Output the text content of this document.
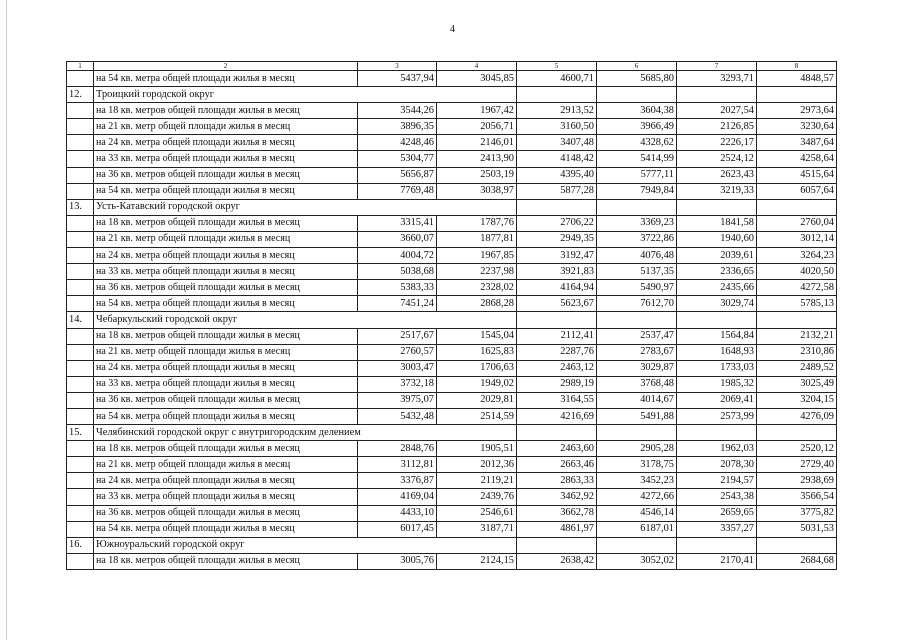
4
1	2	3	4	5	6	7	8
	на 54 кв. метра общей площади жилья в месяц	5437,94	3045,85	4600,71	5685,80	3293,71	4848,57
12.	Троицкий городской округ						
	на 18 кв. метров общей площади жилья в месяц	3544,26	1967,42	2913,52	3604,38	2027,54	2973,64
	на 21 кв. метр общей площади жилья в месяц	3896,35	2056,71	3160,50	3966,49	2126,85	3230,64
	на 24 кв. метра общей площади жилья в месяц	4248,46	2146,01	3407,48	4328,62	2226,17	3487,64
	на 33 кв. метра общей площади жилья в месяц	5304,77	2413,90	4148,42	5414,99	2524,12	4258,64
	на 36 кв. метров общей площади жилья в месяц	5656,87	2503,19	4395,40	5777,11	2623,43	4515,64
	на 54 кв. метра общей площади жилья в месяц	7769,48	3038,97	5877,28	7949,84	3219,33	6057,64
13.	Усть-Катавский городской округ						
	на 18 кв. метров общей площади жилья в месяц	3315,41	1787,76	2706,22	3369,23	1841,58	2760,04
	на 21 кв. метр общей площади жилья в месяц	3660,07	1877,81	2949,35	3722,86	1940,60	3012,14
	на 24 кв. метра общей площади жилья в месяц	4004,72	1967,85	3192,47	4076,48	2039,61	3264,23
	на 33 кв. метра общей площади жилья в месяц	5038,68	2237,98	3921,83	5137,35	2336,65	4020,50
	на 36 кв. метров общей площади жилья в месяц	5383,33	2328,02	4164,94	5490,97	2435,66	4272,58
	на 54 кв. метра общей площади жилья в месяц	7451,24	2868,28	5623,67	7612,70	3029,74	5785,13
14.	Чебаркульский городской округ						
	на 18 кв. метров общей площади жилья в месяц	2517,67	1545,04	2112,41	2537,47	1564,84	2132,21
	на 21 кв. метр общей площади жилья в месяц	2760,57	1625,83	2287,76	2783,67	1648,93	2310,86
	на 24 кв. метра общей площади жилья в месяц	3003,47	1706,63	2463,12	3029,87	1733,03	2489,52
	на 33 кв. метра общей площади жилья в месяц	3732,18	1949,02	2989,19	3768,48	1985,32	3025,49
	на 36 кв. метров общей площади жилья в месяц	3975,07	2029,81	3164,55	4014,67	2069,41	3204,15
	на 54 кв. метра общей площади жилья в месяц	5432,48	2514,59	4216,69	5491,88	2573,99	4276,09
15.	Челябинский городской округ с внутригородским делением						
	на 18 кв. метров общей площади жилья в месяц	2848,76	1905,51	2463,60	2905,28	1962,03	2520,12
	на 21 кв. метр общей площади жилья в месяц	3112,81	2012,36	2663,46	3178,75	2078,30	2729,40
	на 24 кв. метра общей площади жилья в месяц	3376,87	2119,21	2863,33	3452,23	2194,57	2938,69
	на 33 кв. метра общей площади жилья в месяц	4169,04	2439,76	3462,92	4272,66	2543,38	3566,54
	на 36 кв. метров общей площади жилья в месяц	4433,10	2546,61	3662,78	4546,14	2659,65	3775,82
	на 54 кв. метра общей площади жилья в месяц	6017,45	3187,71	4861,97	6187,01	3357,27	5031,53
16.	Южноуральский городской округ						
	на 18 кв. метров общей площади жилья в месяц	3005,76	2124,15	2638,42	3052,02	2170,41	2684,68
